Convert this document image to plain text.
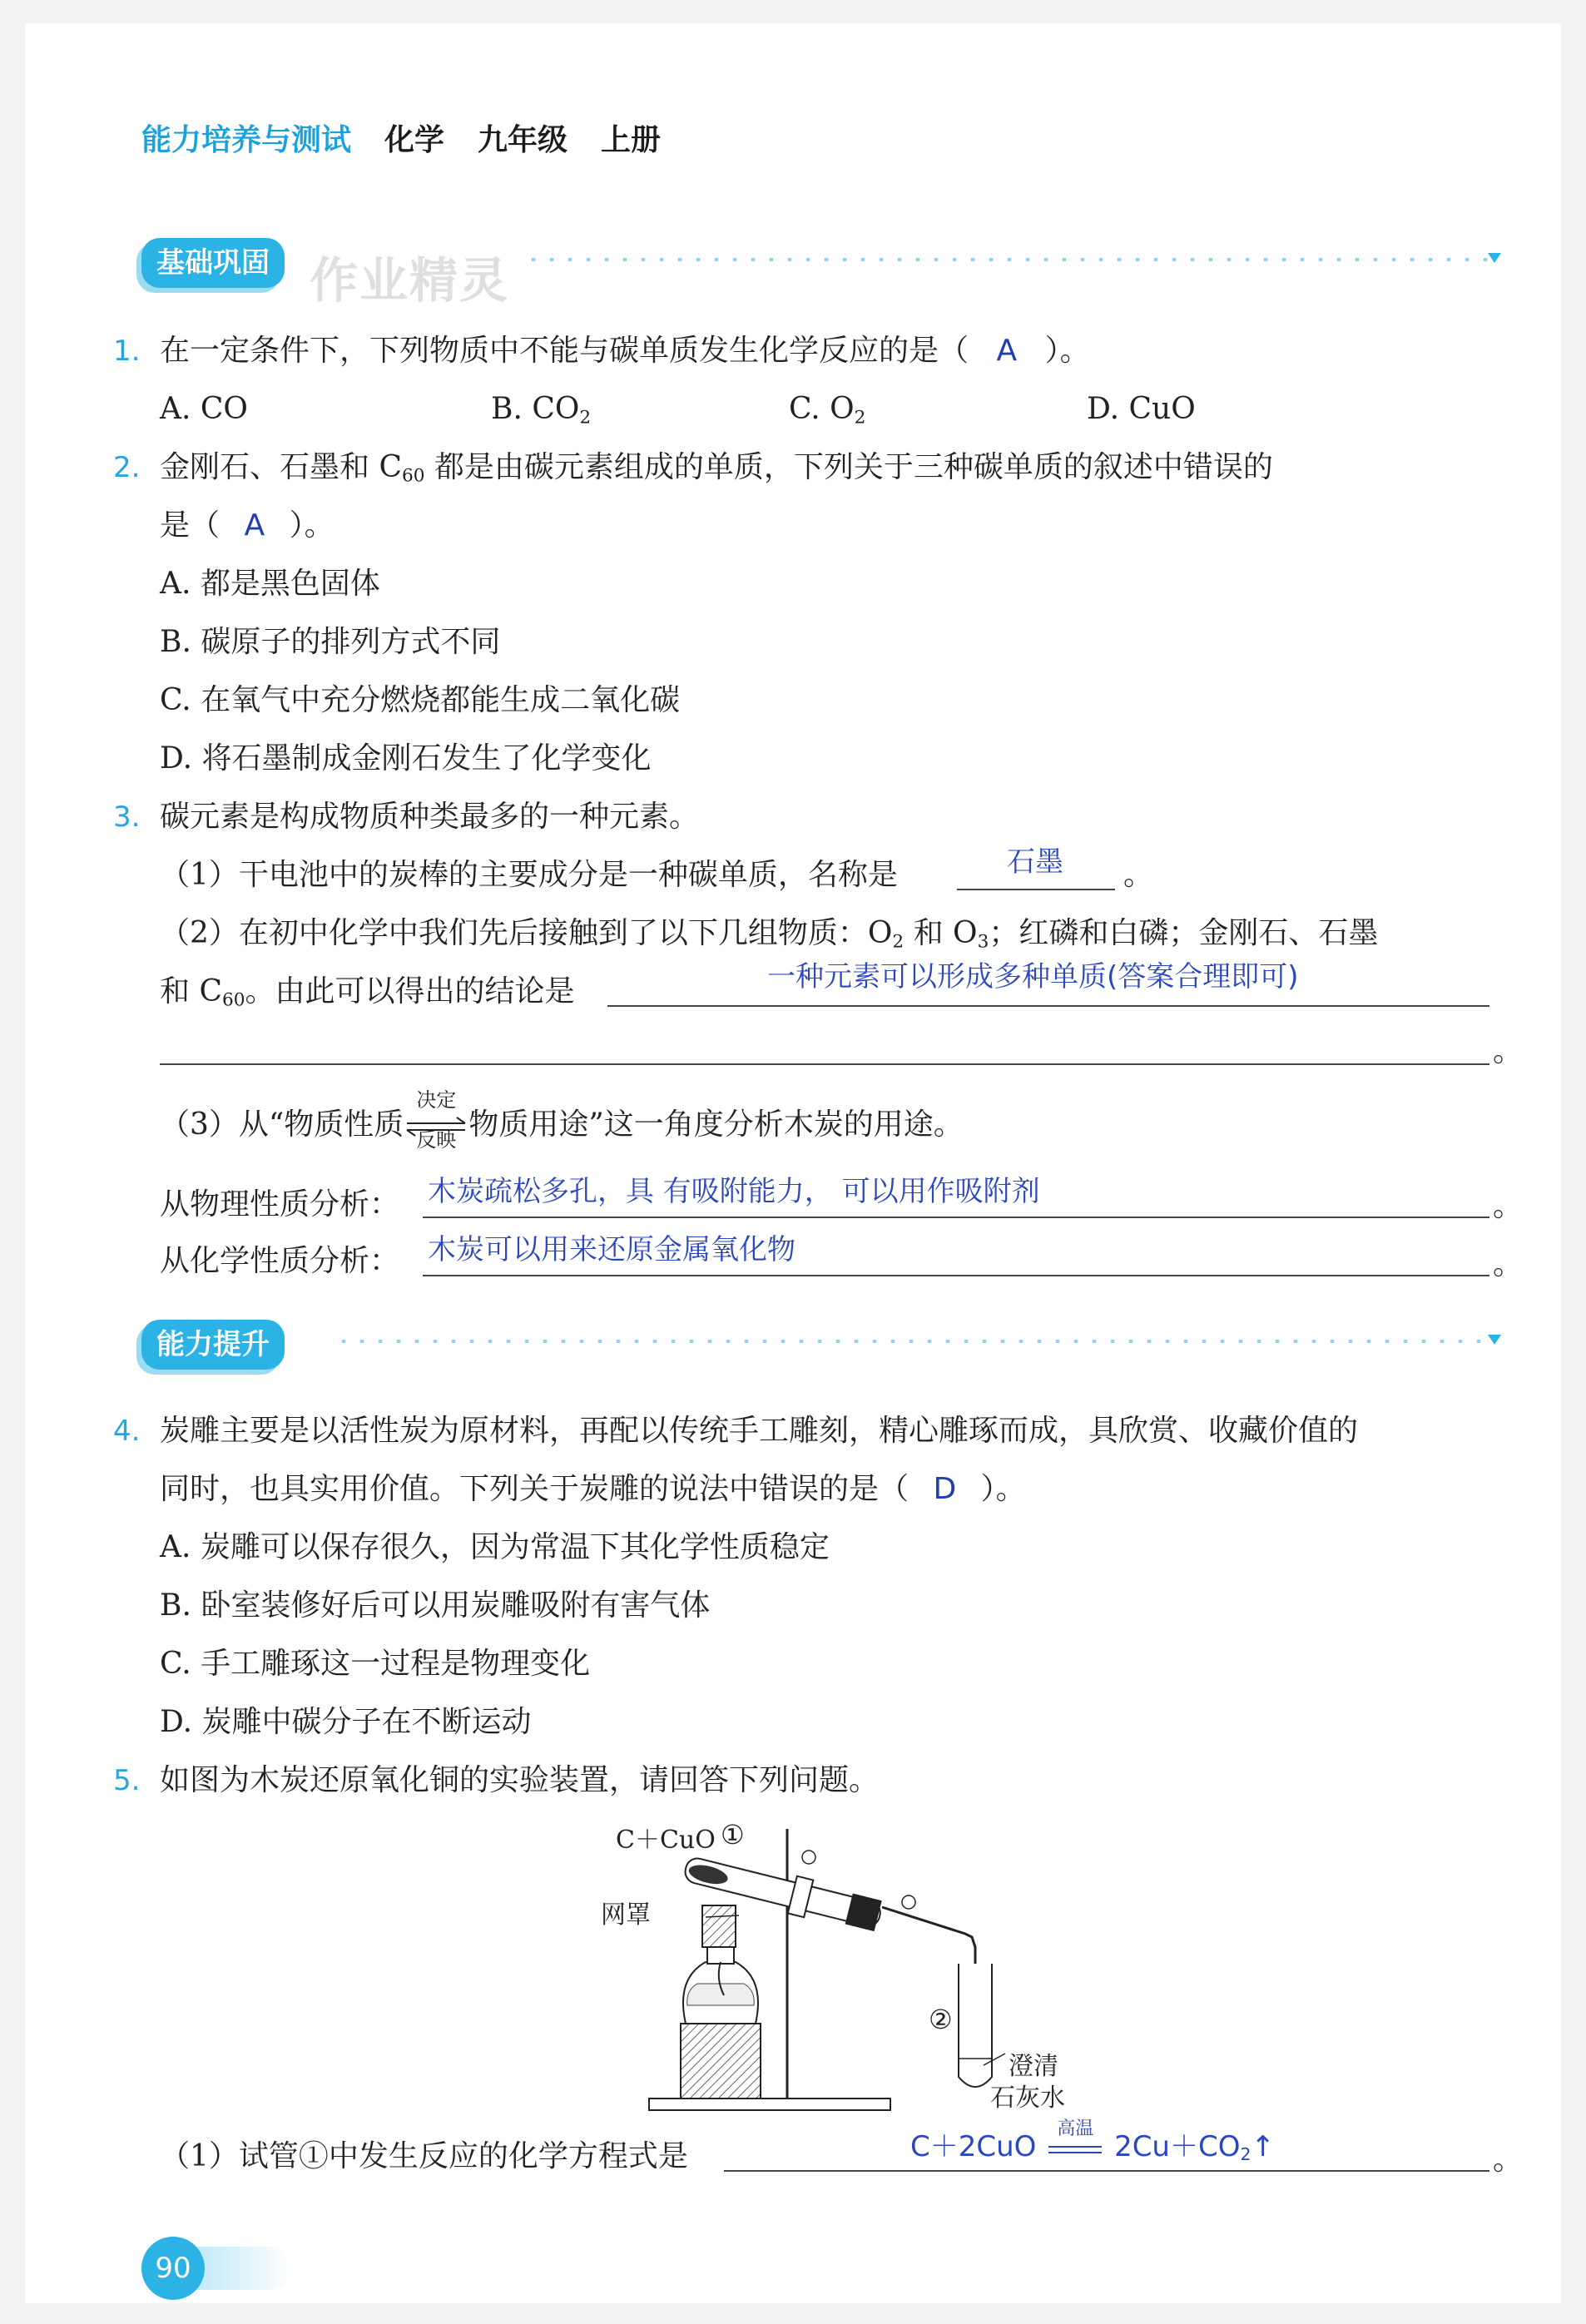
能力培养与测试 化学 九年级 上册
基础巩固 作业精灵
1. 在一定条件下，下列物质中不能与碳单质发生化学反应的是（ A ）。
A. CO	B. $CO_2$	C. $O_2$	D. CuO
2. 金刚石、石墨和 $C_{60}$ 都是由碳元素组成的单质，下列关于三种碳单质的叙述中错误的
是（ A ）。
A. 都是黑色固体
B. 碳原子的排列方式不同
C. 在氧气中充分燃烧都能生成二氧化碳
D. 将石墨制成金刚石发生了化学变化
3. 碳元素是构成物质种类最多的一种元素。
（1）干电池中的炭棒的主要成分是一种碳单质，名称是	石墨 。
（2）在初中化学中我们先后接触到了以下几组物质：$O_2$ 和 $O_3$；红磷和白磷；金刚石、石墨
和 $C_{60}$。由此可以得出的结论是	一种元素可以形成多种单质(答案合理即可)
。
（3）从“物质性质
决定
反映 物质用途”这一角度分析木炭的用途。
从物理性质分析： 木炭疏松多孔，具 有吸附能力， 可以用作吸附剂	。
从化学性质分析： 木炭可以用来还原金属氧化物	。
能力提升
4. 炭雕主要是以活性炭为原材料，再配以传统手工雕刻，精心雕琢而成，具欣赏、收藏价值的
同时，也具实用价值。下列关于炭雕的说法中错误的是（ D ）。
A. 炭雕可以保存很久，因为常温下其化学性质稳定
B. 卧室装修好后可以用炭雕吸附有害气体
C. 手工雕琢这一过程是物理变化
D. 炭雕中碳分子在不断运动
5. 如图为木炭还原氧化铜的实验装置，请回答下列问题。
C＋CuO ①
网罩
②
澄清
石灰水
（1）试管①中发生反应的化学方程式是	C＋2CuO
高温
$2Cu+CO_2↑$	。
90
